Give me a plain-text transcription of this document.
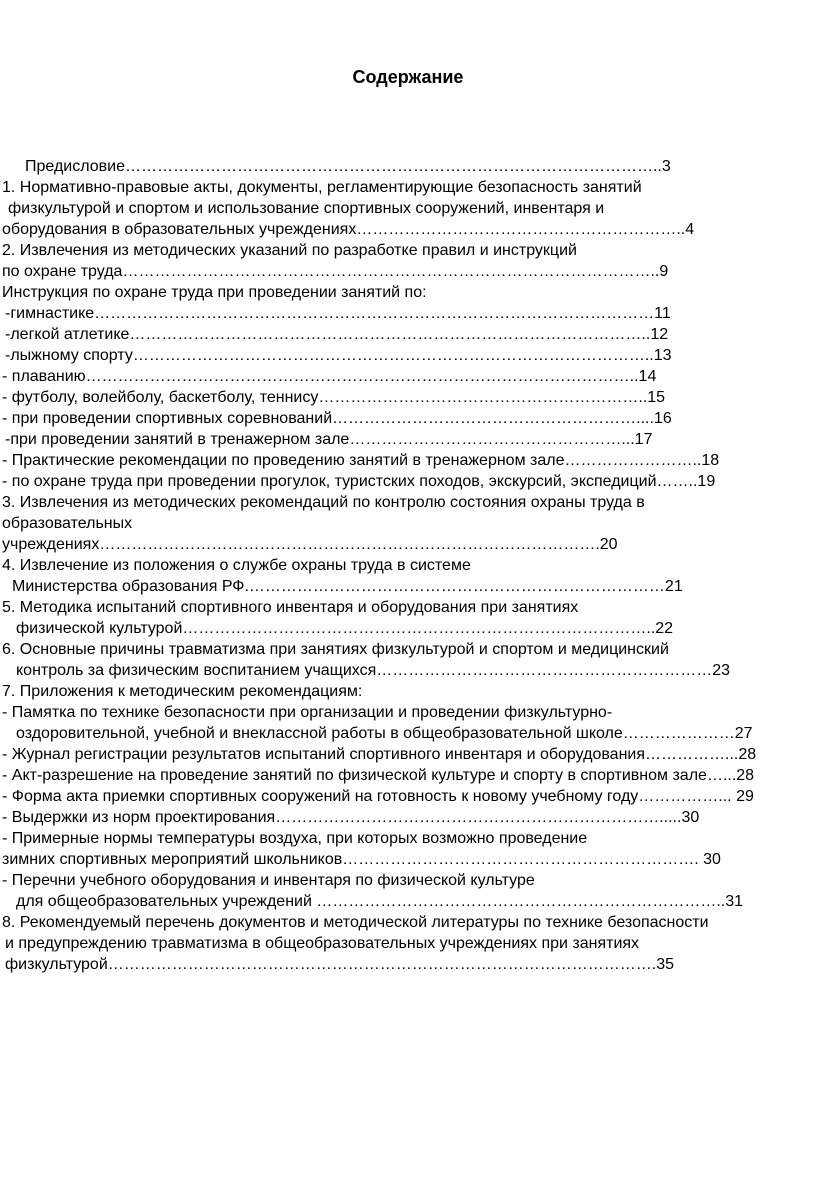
Содержание
Предисловие………………………………………………………………………………………..3
1. Нормативно-правовые акты, документы, регламентирующие безопасность занятий
физкультурой и спортом и использование спортивных сооружений, инвентаря и
оборудования в образовательных учреждениях……………………………………………………..4
2. Извлечения из методических указаний по разработке правил и инструкций
по охране труда………………………………………………………………………………………..9
Инструкция по охране труда при проведении занятий по:
-гимнастике……………………………………………………………………………………………11
-легкой атлетике……………………………………………………………………………………..12
-лыжному спорту……………………………………………………………………………………..13
- плаванию…………………………………………………………………………………………..14
- футболу, волейболу, баскетболу, теннису……………………………………………………..15
- при проведении спортивных соревнований…………………………………………………....16
-при проведении занятий в тренажерном зале……………………………………………...17
- Практические рекомендации по проведению занятий в тренажерном зале……………………..18
- по охране труда при проведении прогулок, туристских походов, экскурсий, экспедиций……..19
3. Извлечения из методических рекомендаций по контролю состояния охраны труда в
образовательных
учреждениях………………………………………………………………………………….20
4. Извлечение из положения о службе охраны труда в системе
Министерства образования РФ.……………………………………………………………………21
5. Методика испытаний спортивного инвентаря и оборудования при занятиях
физической культурой……………………………………………………………………………..22
6. Основные причины травматизма при занятиях физкультурой и спортом и медицинский
контроль за физическим воспитанием учащихся………………………………………………………23
7. Приложения к методическим рекомендациям:
- Памятка по технике безопасности при организации и проведении физкультурно-
оздоровительной, учебной и внеклассной работы в общеобразовательной школе…………………27
- Журнал регистрации результатов испытаний спортивного инвентаря и оборудования……………...28
- Акт-разрешение на проведение занятий по физической культуре и спорту в спортивном зале…...28
- Форма акта приемки спортивных сооружений на готовность к новому учебному году……………... 29
- Выдержки из норм проектирования……………………………………………………………….....30
- Примерные нормы температуры воздуха, при которых возможно проведение
зимних спортивных мероприятий школьников…………………………………………………………. 30
- Перечни учебного оборудования и инвентаря по физической культуре
для общеобразовательных учреждений …………………………………………………………………..31
8. Рекомендуемый перечень документов и методической литературы по технике безопасности
и предупреждению травматизма в общеобразовательных учреждениях при занятиях
физкультурой………………………………………………………………………………………….35
